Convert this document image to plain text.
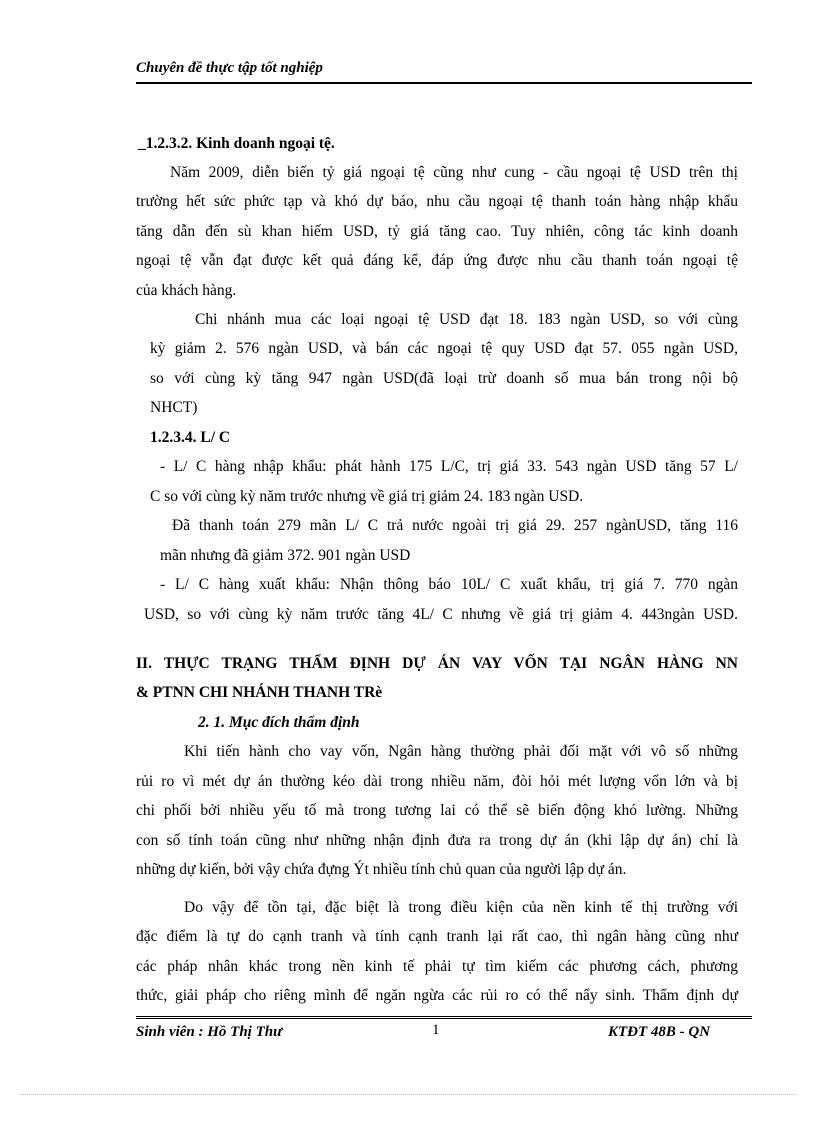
Chuyên đề thực tập tốt nghiệp
_1.2.3.2. Kinh doanh ngoại tệ.
Năm 2009, diễn biến tỷ giá ngoại tệ cũng như cung - cầu ngoại tệ USD trên thị
trường hết sức phức tạp và khó dự báo, nhu cầu ngoại tệ thanh toán hàng nhập khẩu
tăng dẫn đến sù khan hiếm USD, tỷ giá tăng cao. Tuy nhiên, công tác kinh doanh
ngoại tệ vẫn đạt được kết quả đáng kể, đáp ứng được nhu cầu thanh toán ngoại tệ
của khách hàng.
Chi nhánh mua các loại ngoại tệ USD đạt 18. 183 ngàn USD, so với cùng
kỳ giảm 2. 576 ngàn USD, và bán các ngoại tệ quy USD đạt 57. 055 ngàn USD,
so với cùng kỳ tăng 947 ngàn USD(đã loại trừ doanh số mua bán trong nội bộ
NHCT)
1.2.3.4. L/ C
- L/ C hàng nhập khẩu: phát hành 175 L/C, trị giá 33. 543 ngàn USD tăng 57 L/
C so với cùng kỳ năm trước nhưng về giá trị giảm 24. 183 ngàn USD.
Đã thanh toán 279 mãn L/ C trả nước ngoài trị giá 29. 257 ngànUSD, tăng 116
mãn nhưng đã giảm 372. 901 ngàn USD
- L/ C hàng xuất khẩu: Nhận thông báo 10L/ C xuất khẩu, trị giá 7. 770 ngàn
USD, so với cùng kỳ năm trước tăng 4L/ C nhưng về giá trị giảm 4. 443ngàn USD.
II. THỰC TRẠNG THẨM ĐỊNH DỰ ÁN VAY VỐN TẠI NGÂN HÀNG NN
& PTNN CHI NHÁNH THANH TRè
2. 1. Mục đích thẩm định
Khi tiến hành cho vay vốn, Ngân hàng thường phải đối mặt với vô số những
rủi ro vì mét dự án thường kéo dài trong nhiều năm, đòi hỏi mét lượng vốn lớn và bị
chi phối bởi nhiều yếu tố mà trong tương lai có thể sẽ biến động khó lường. Những
con số tính toán cũng như những nhận định đưa ra trong dự án (khi lập dự án) chỉ là
những dự kiến, bởi vậy chứa đựng Ýt nhiều tính chủ quan của người lập dự án.
Do vậy để tồn tại, đặc biệt là trong điều kiện của nền kinh tế thị trường với
đặc điểm là tự do cạnh tranh và tính cạnh tranh lại rất cao, thì ngân hàng cũng như
các pháp nhân khác trong nền kinh tế phải tự tìm kiếm các phương cách, phương
thức, giải pháp cho riêng mình để ngăn ngừa các rủi ro có thể nẩy sinh. Thẩm định dự
Sinh viên : Hồ Thị Thư	1	KTĐT 48B - QN
